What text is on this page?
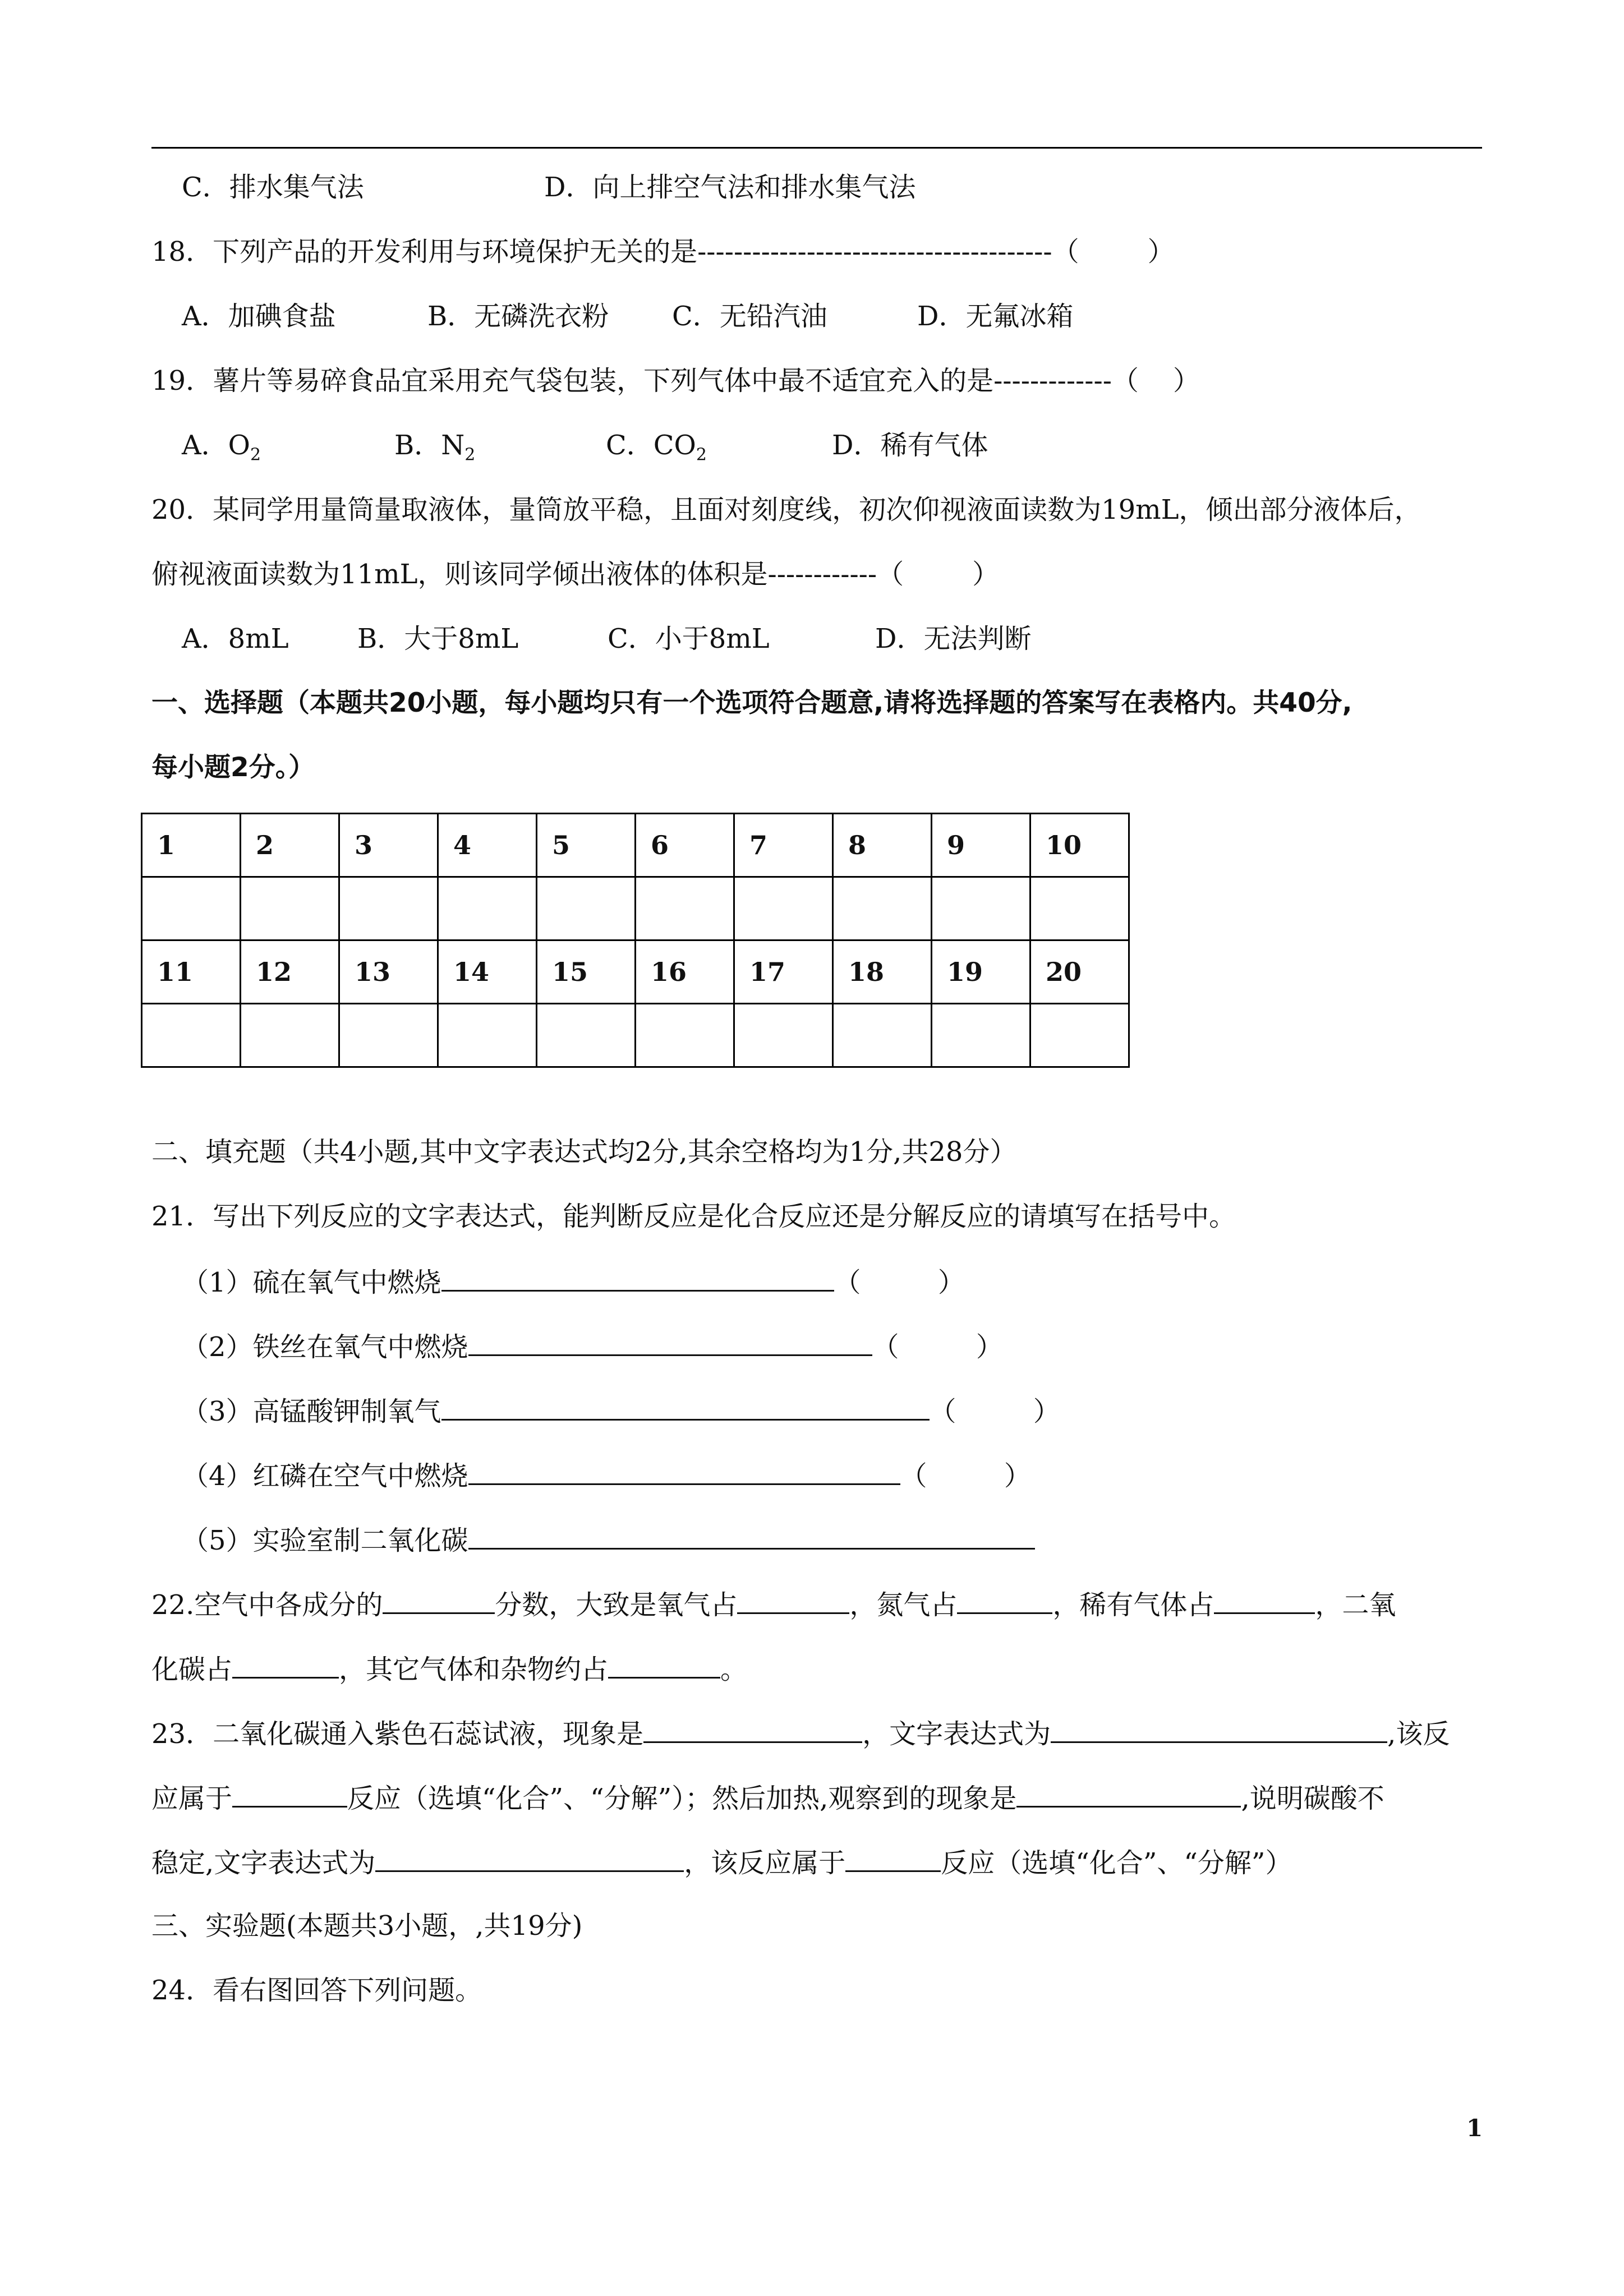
C．排水集气法	D．向上排空气法和排水集气法
18．下列产品的开发利用与环境保护无关的是---------------------------------------（        ）
A．加碘食盐	B．无磷洗衣粉 C．无铅汽油	D．无氟冰箱
19．薯片等易碎食品宜采用充气袋包装，下列气体中最不适宜充入的是-------------（    ）
A．$O_2$	B．$N_2$	C．$CO_2$	D．稀有气体
20．某同学用量筒量取液体，量筒放平稳，且面对刻度线，初次仰视液面读数为19mL，倾出部分液体后，
俯视液面读数为11mL，则该同学倾出液体的体积是------------（        ）
A．8mL	B．大于8mL	C．小于8mL	D．无法判断
一、选择题（本题共20小题，每小题均只有一个选项符合题意,请将选择题的答案写在表格内。共40分,
每小题2分。）
1	2	3	4	5	6	7	8	9	10

11	12	13	14	15	16	17	18	19	20

二、填充题（共4小题,其中文字表达式均2分,其余空格均为1分,共28分）
21．写出下列反应的文字表达式，能判断反应是化合反应还是分解反应的请填写在括号中。
（1）硫在氧气中燃烧	（         ）
（2）铁丝在氧气中燃烧	（         ）
（3）高锰酸钾制氧气	（         ）
（4）红磷在空气中燃烧	（         ）
（5）实验室制二氧化碳
22.空气中各成分的	分数，大致是氧气占	，氮气占	，稀有气体占	，二氧
化碳占	，其它气体和杂物约占	。
23．二氧化碳通入紫色石蕊试液，现象是	，文字表达式为	,该反
应属于	反应（选填“化合”、“分解”）；然后加热,观察到的现象是	,说明碳酸不
稳定,文字表达式为	，该反应属于	反应（选填“化合”、“分解”）
三、实验题(本题共3小题，,共19分)
24．看右图回答下列问题。
1
